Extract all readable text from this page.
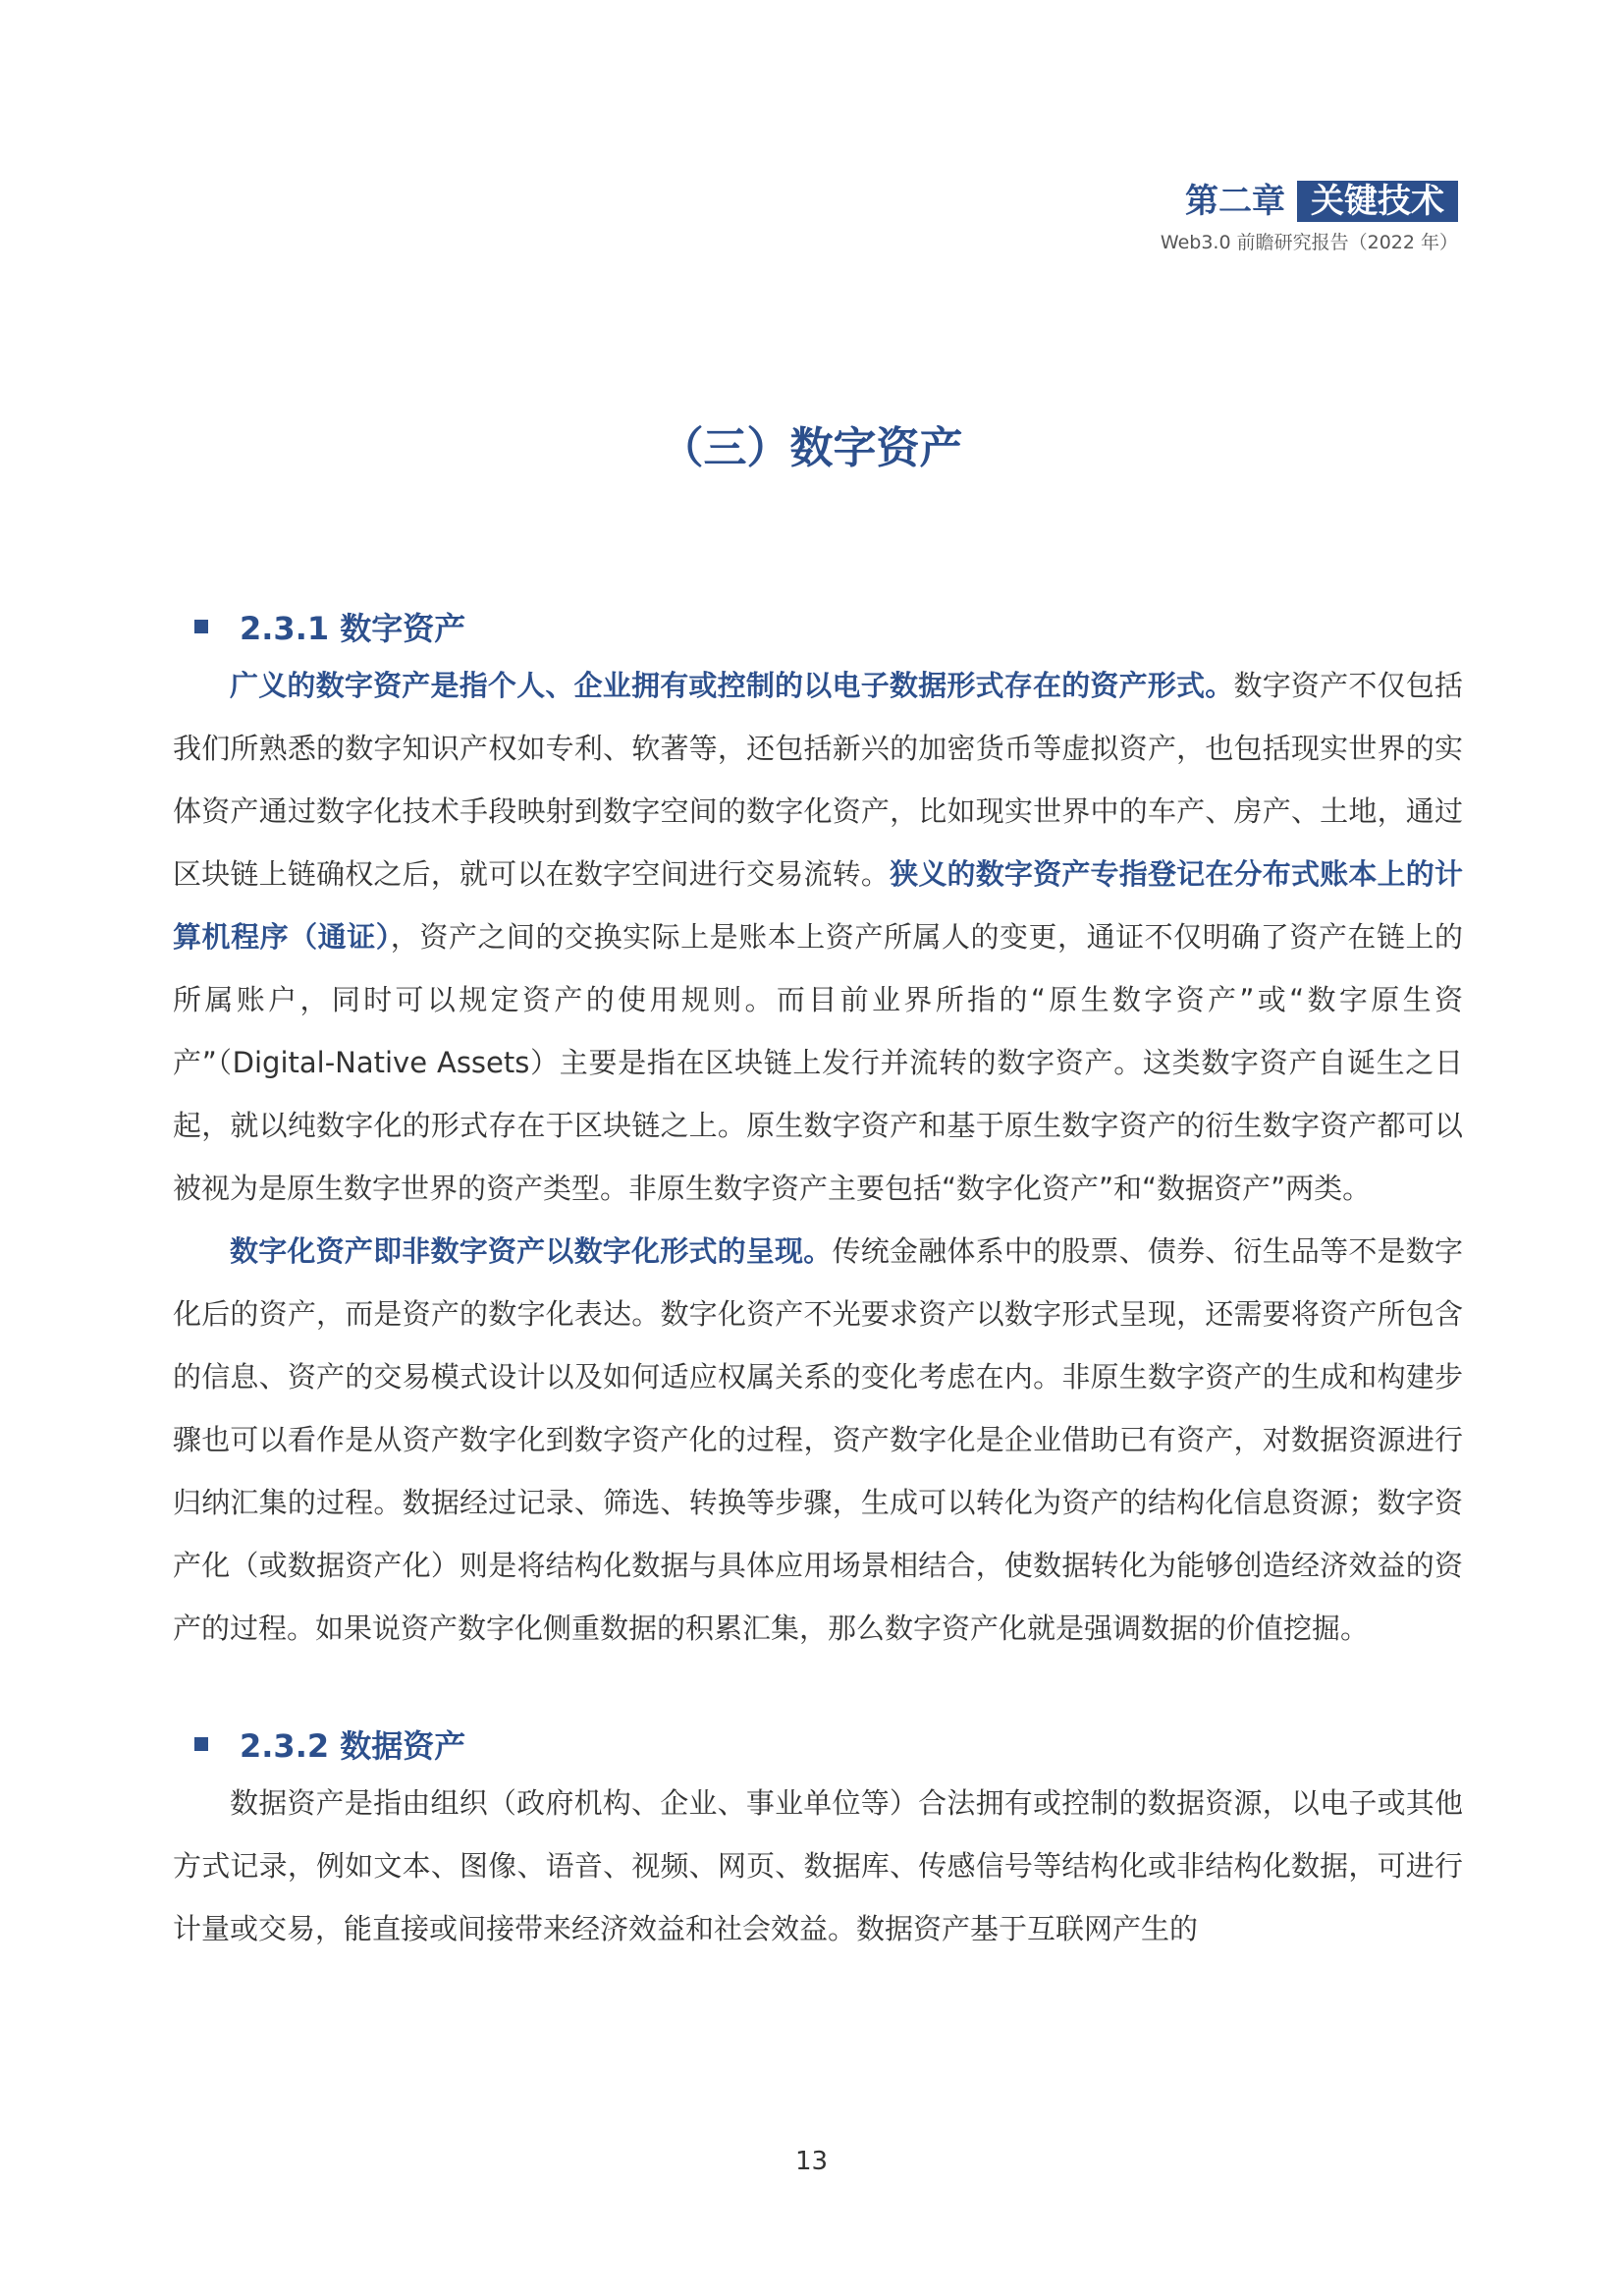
第二章 关键技术
Web3.0 前瞻研究报告（2022 年）
（三）数字资产
2.3.1 数字资产

广义的数字资产是指个人、企业拥有或控制的以电子数据形式存在的资产形式。数字资产不仅包括我们所熟悉的数字知识产权如专利、软著等，还包括新兴的加密货币等虚拟资产，也包括现实世界的实体资产通过数字化技术手段映射到数字空间的数字化资产，比如现实世界中的车产、房产、土地，通过区块链上链确权之后，就可以在数字空间进行交易流转。狭义的数字资产专指登记在分布式账本上的计算机程序（通证），资产之间的交换实际上是账本上资产所属人的变更，通证不仅明确了资产在链上的所属账户，同时可以规定资产的使用规则。而目前业界所指的“原生数字资产”或“数字原生资产”（Digital-Native Assets）主要是指在区块链上发行并流转的数字资产。这类数字资产自诞生之日起，就以纯数字化的形式存在于区块链之上。原生数字资产和基于原生数字资产的衍生数字资产都可以被视为是原生数字世界的资产类型。非原生数字资产主要包括“数字化资产”和“数据资产”两类。

数字化资产即非数字资产以数字化形式的呈现。传统金融体系中的股票、债券、衍生品等不是数字化后的资产，而是资产的数字化表达。数字化资产不光要求资产以数字形式呈现，还需要将资产所包含的信息、资产的交易模式设计以及如何适应权属关系的变化考虑在内。非原生数字资产的生成和构建步骤也可以看作是从资产数字化到数字资产化的过程，资产数字化是企业借助已有资产，对数据资源进行归纳汇集的过程。数据经过记录、筛选、转换等步骤，生成可以转化为资产的结构化信息资源；数字资产化（或数据资产化）则是将结构化数据与具体应用场景相结合，使数据转化为能够创造经济效益的资产的过程。如果说资产数字化侧重数据的积累汇集，那么数字资产化就是强调数据的价值挖掘。

2.3.2 数据资产

数据资产是指由组织（政府机构、企业、事业单位等）合法拥有或控制的数据资源，以电子或其他方式记录，例如文本、图像、语音、视频、网页、数据库、传感信号等结构化或非结构化数据，可进行计量或交易，能直接或间接带来经济效益和社会效益。数据资产基于互联网产生的

13
